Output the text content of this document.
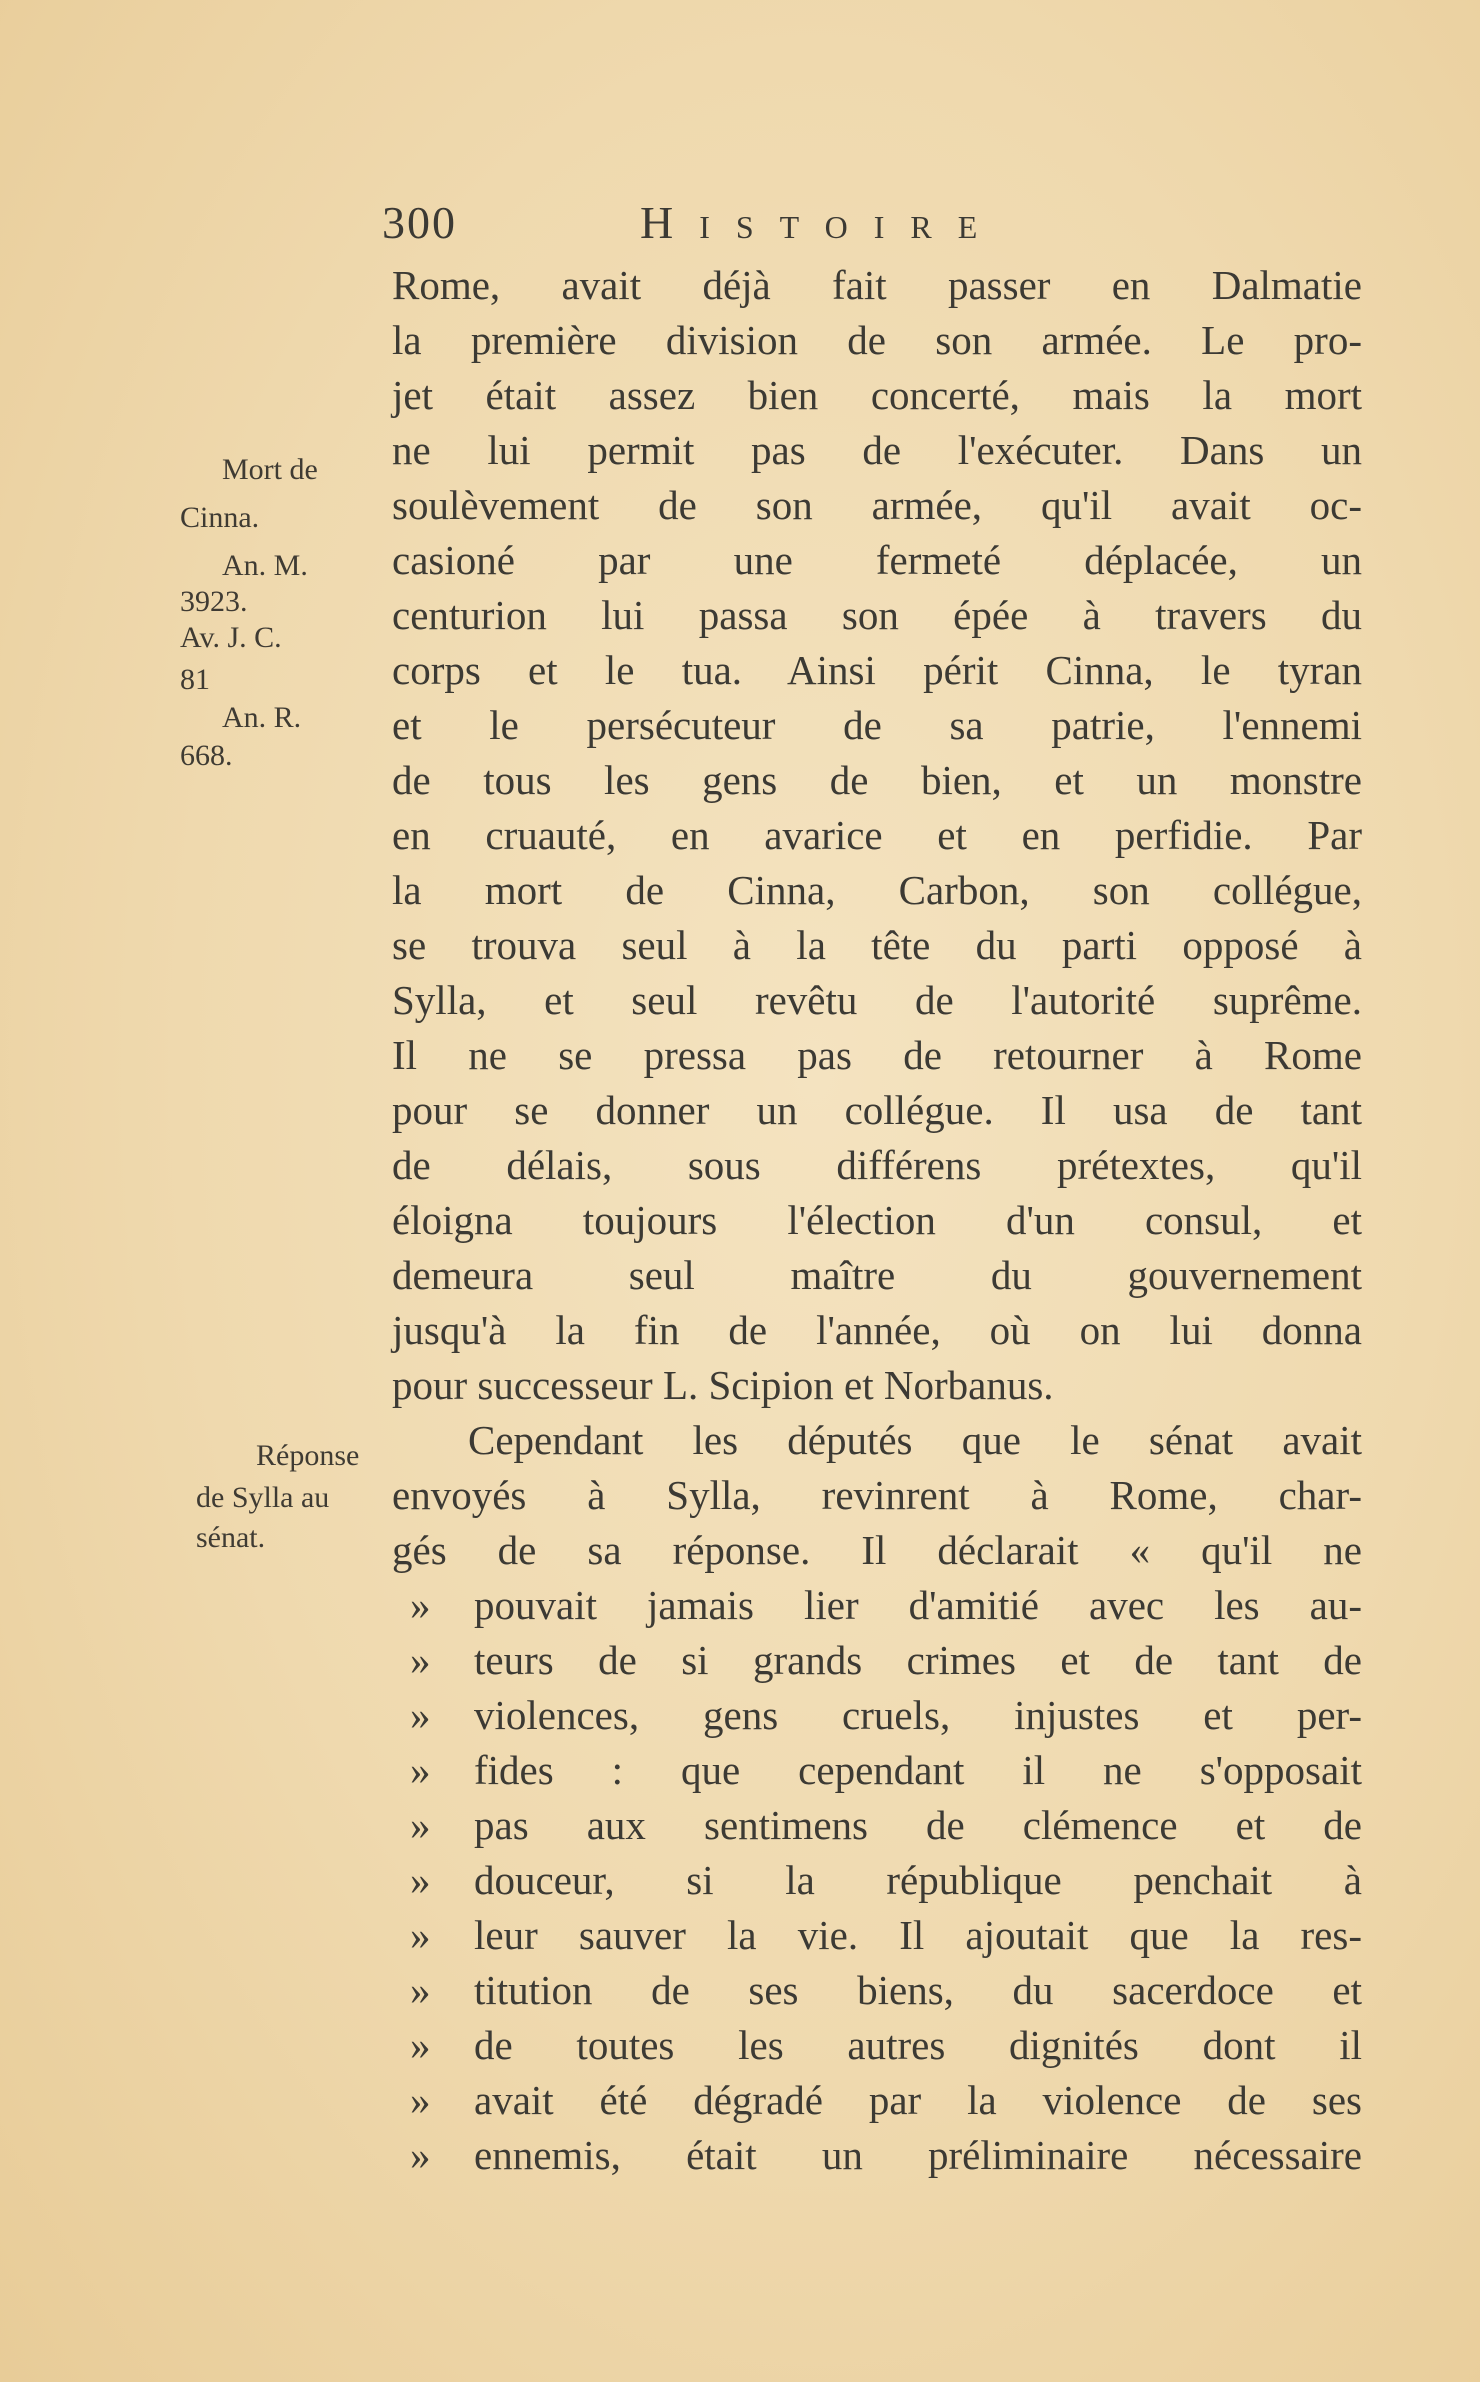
300	Histoire
Mort de
Cinna.
An. M.
3923.
Av. J. C.
81
An. R.
668.
Réponse
de Sylla au
sénat.
Rome, avait déjà fait passer en Dalmatie
la première division de son armée. Le pro-
jet était assez bien concerté, mais la mort
ne lui permit pas de l'exécuter. Dans un
soulèvement de son armée, qu'il avait oc-
casioné par une fermeté déplacée, un
centurion lui passa son épée à travers du
corps et le tua. Ainsi périt Cinna, le tyran
et le persécuteur de sa patrie, l'ennemi
de tous les gens de bien, et un monstre
en cruauté, en avarice et en perfidie. Par
la mort de Cinna, Carbon, son collégue,
se trouva seul à la tête du parti opposé à
Sylla, et seul revêtu de l'autorité suprême.
Il ne se pressa pas de retourner à Rome
pour se donner un collégue. Il usa de tant
de délais, sous différens prétextes, qu'il
éloigna toujours l'élection d'un consul, et
demeura seul maître du gouvernement
jusqu'à la fin de l'année, où on lui donna
pour successeur L. Scipion et Norbanus.
Cependant les députés que le sénat avait
envoyés à Sylla, revinrent à Rome, char-
gés de sa réponse. Il déclarait « qu'il ne
» pouvait jamais lier d'amitié avec les au-
» teurs de si grands crimes et de tant de
» violences, gens cruels, injustes et per-
» fides : que cependant il ne s'opposait
» pas aux sentimens de clémence et de
» douceur, si la république penchait à
» leur sauver la vie. Il ajoutait que la res-
» titution de ses biens, du sacerdoce et
» de toutes les autres dignités dont il
» avait été dégradé par la violence de ses
» ennemis, était un préliminaire nécessaire
